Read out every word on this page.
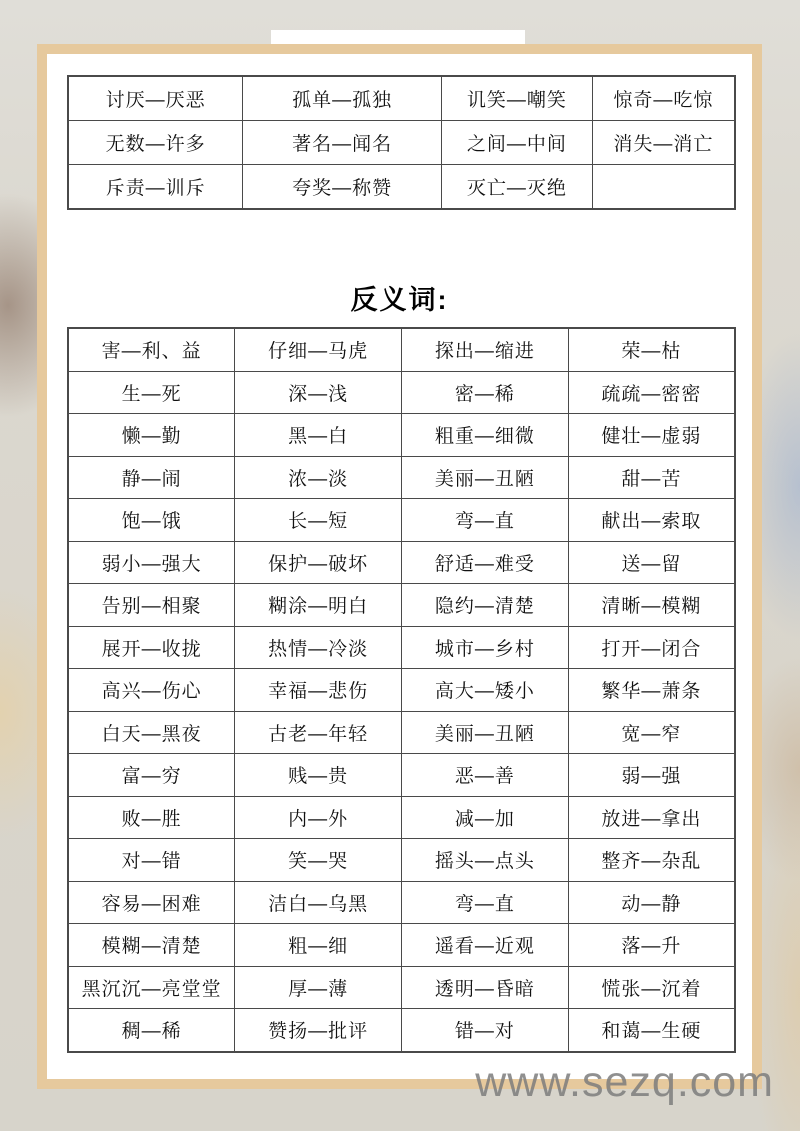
讨厌—厌恶	孤单—孤独	讥笑—嘲笑	惊奇—吃惊
无数—许多	著名—闻名	之间—中间	消失—消亡
斥责—训斥	夸奖—称赞	灭亡—灭绝	
反义词:
害—利、益	仔细—马虎	探出—缩进	荣—枯
生—死	深—浅	密—稀	疏疏—密密
懒—勤	黑—白	粗重—细微	健壮—虚弱
静—闹	浓—淡	美丽—丑陋	甜—苦
饱—饿	长—短	弯—直	献出—索取
弱小—强大	保护—破坏	舒适—难受	送—留
告别—相聚	糊涂—明白	隐约—清楚	清晰—模糊
展开—收拢	热情—冷淡	城市—乡村	打开—闭合
高兴—伤心	幸福—悲伤	高大—矮小	繁华—萧条
白天—黑夜	古老—年轻	美丽—丑陋	宽—窄
富—穷	贱—贵	恶—善	弱—强
败—胜	内—外	减—加	放进—拿出
对—错	笑—哭	摇头—点头	整齐—杂乱
容易—困难	洁白—乌黑	弯—直	动—静
模糊—清楚	粗—细	遥看—近观	落—升
黑沉沉—亮堂堂	厚—薄	透明—昏暗	慌张—沉着
稠—稀	赞扬—批评	错—对	和蔼—生硬
www.sezq.com
